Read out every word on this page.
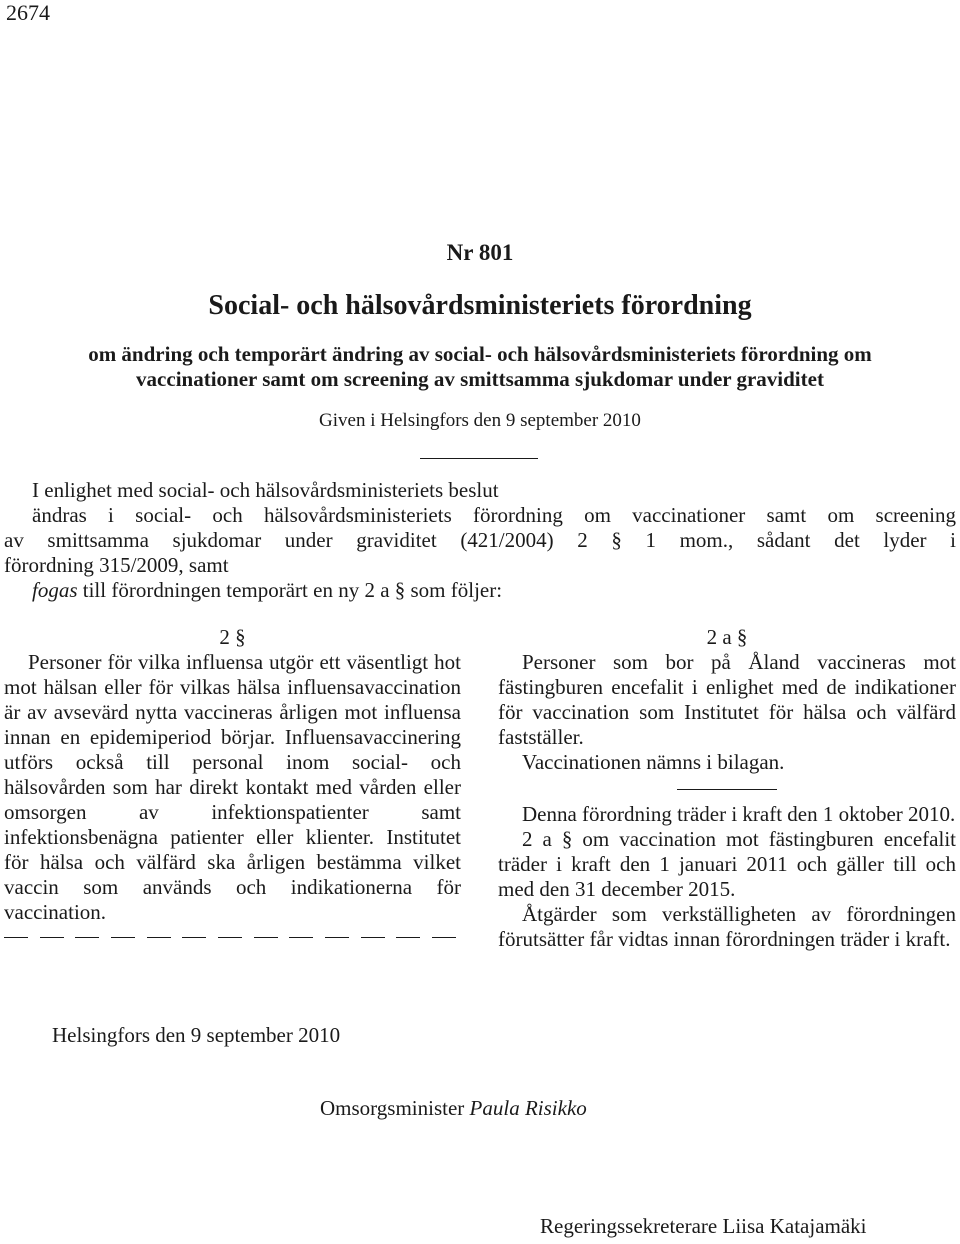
2674
Nr 801
Social- och hälsovårdsministeriets förordning
om ändring och temporärt ändring av social- och hälsovårdsministeriets förordning om
vaccinationer samt om screening av smittsamma sjukdomar under graviditet
Given i Helsingfors den 9 september 2010

I enlighet med social- och hälsovårdsministeriets beslut

ändras i social- och hälsovårdsministeriets förordning om vaccinationer samt om screening

av smittsamma sjukdomar under graviditet (421/2004) 2 § 1 mom., sådant det lyder i

förordning 315/2009, samt

fogas till förordningen temporärt en ny 2 a § som följer:

2 §

Personer för vilka influensa utgör ett väsentligt hot mot hälsan eller för vilkas hälsa influensavaccination är av avsevärd nytta vaccineras årligen mot influensa innan en epidemiperiod börjar. Influensavaccinering utförs också till personal inom social- och hälsovården som har direkt kontakt med vården eller omsorgen av infektionspatienter samt infektionsbenägna patienter eller klienter. Institutet för hälsa och välfärd ska årligen bestämma vilket vaccin som används och indikationerna för vaccination.

2 a §

Personer som bor på Åland vaccineras mot fästingburen encefalit i enlighet med de indikationer för vaccination som Institutet för hälsa och välfärd fastställer.

Vaccinationen nämns i bilagan.

Denna förordning träder i kraft den 1 oktober 2010.

2 a § om vaccination mot fästingburen encefalit träder i kraft den 1 januari 2011 och gäller till och med den 31 december 2015.

Åtgärder som verkställigheten av förordningen förutsätter får vidtas innan förordningen träder i kraft.

Helsingfors den 9 september 2010
Omsorgsminister Paula Risikko
Regeringssekreterare Liisa Katajamäki
